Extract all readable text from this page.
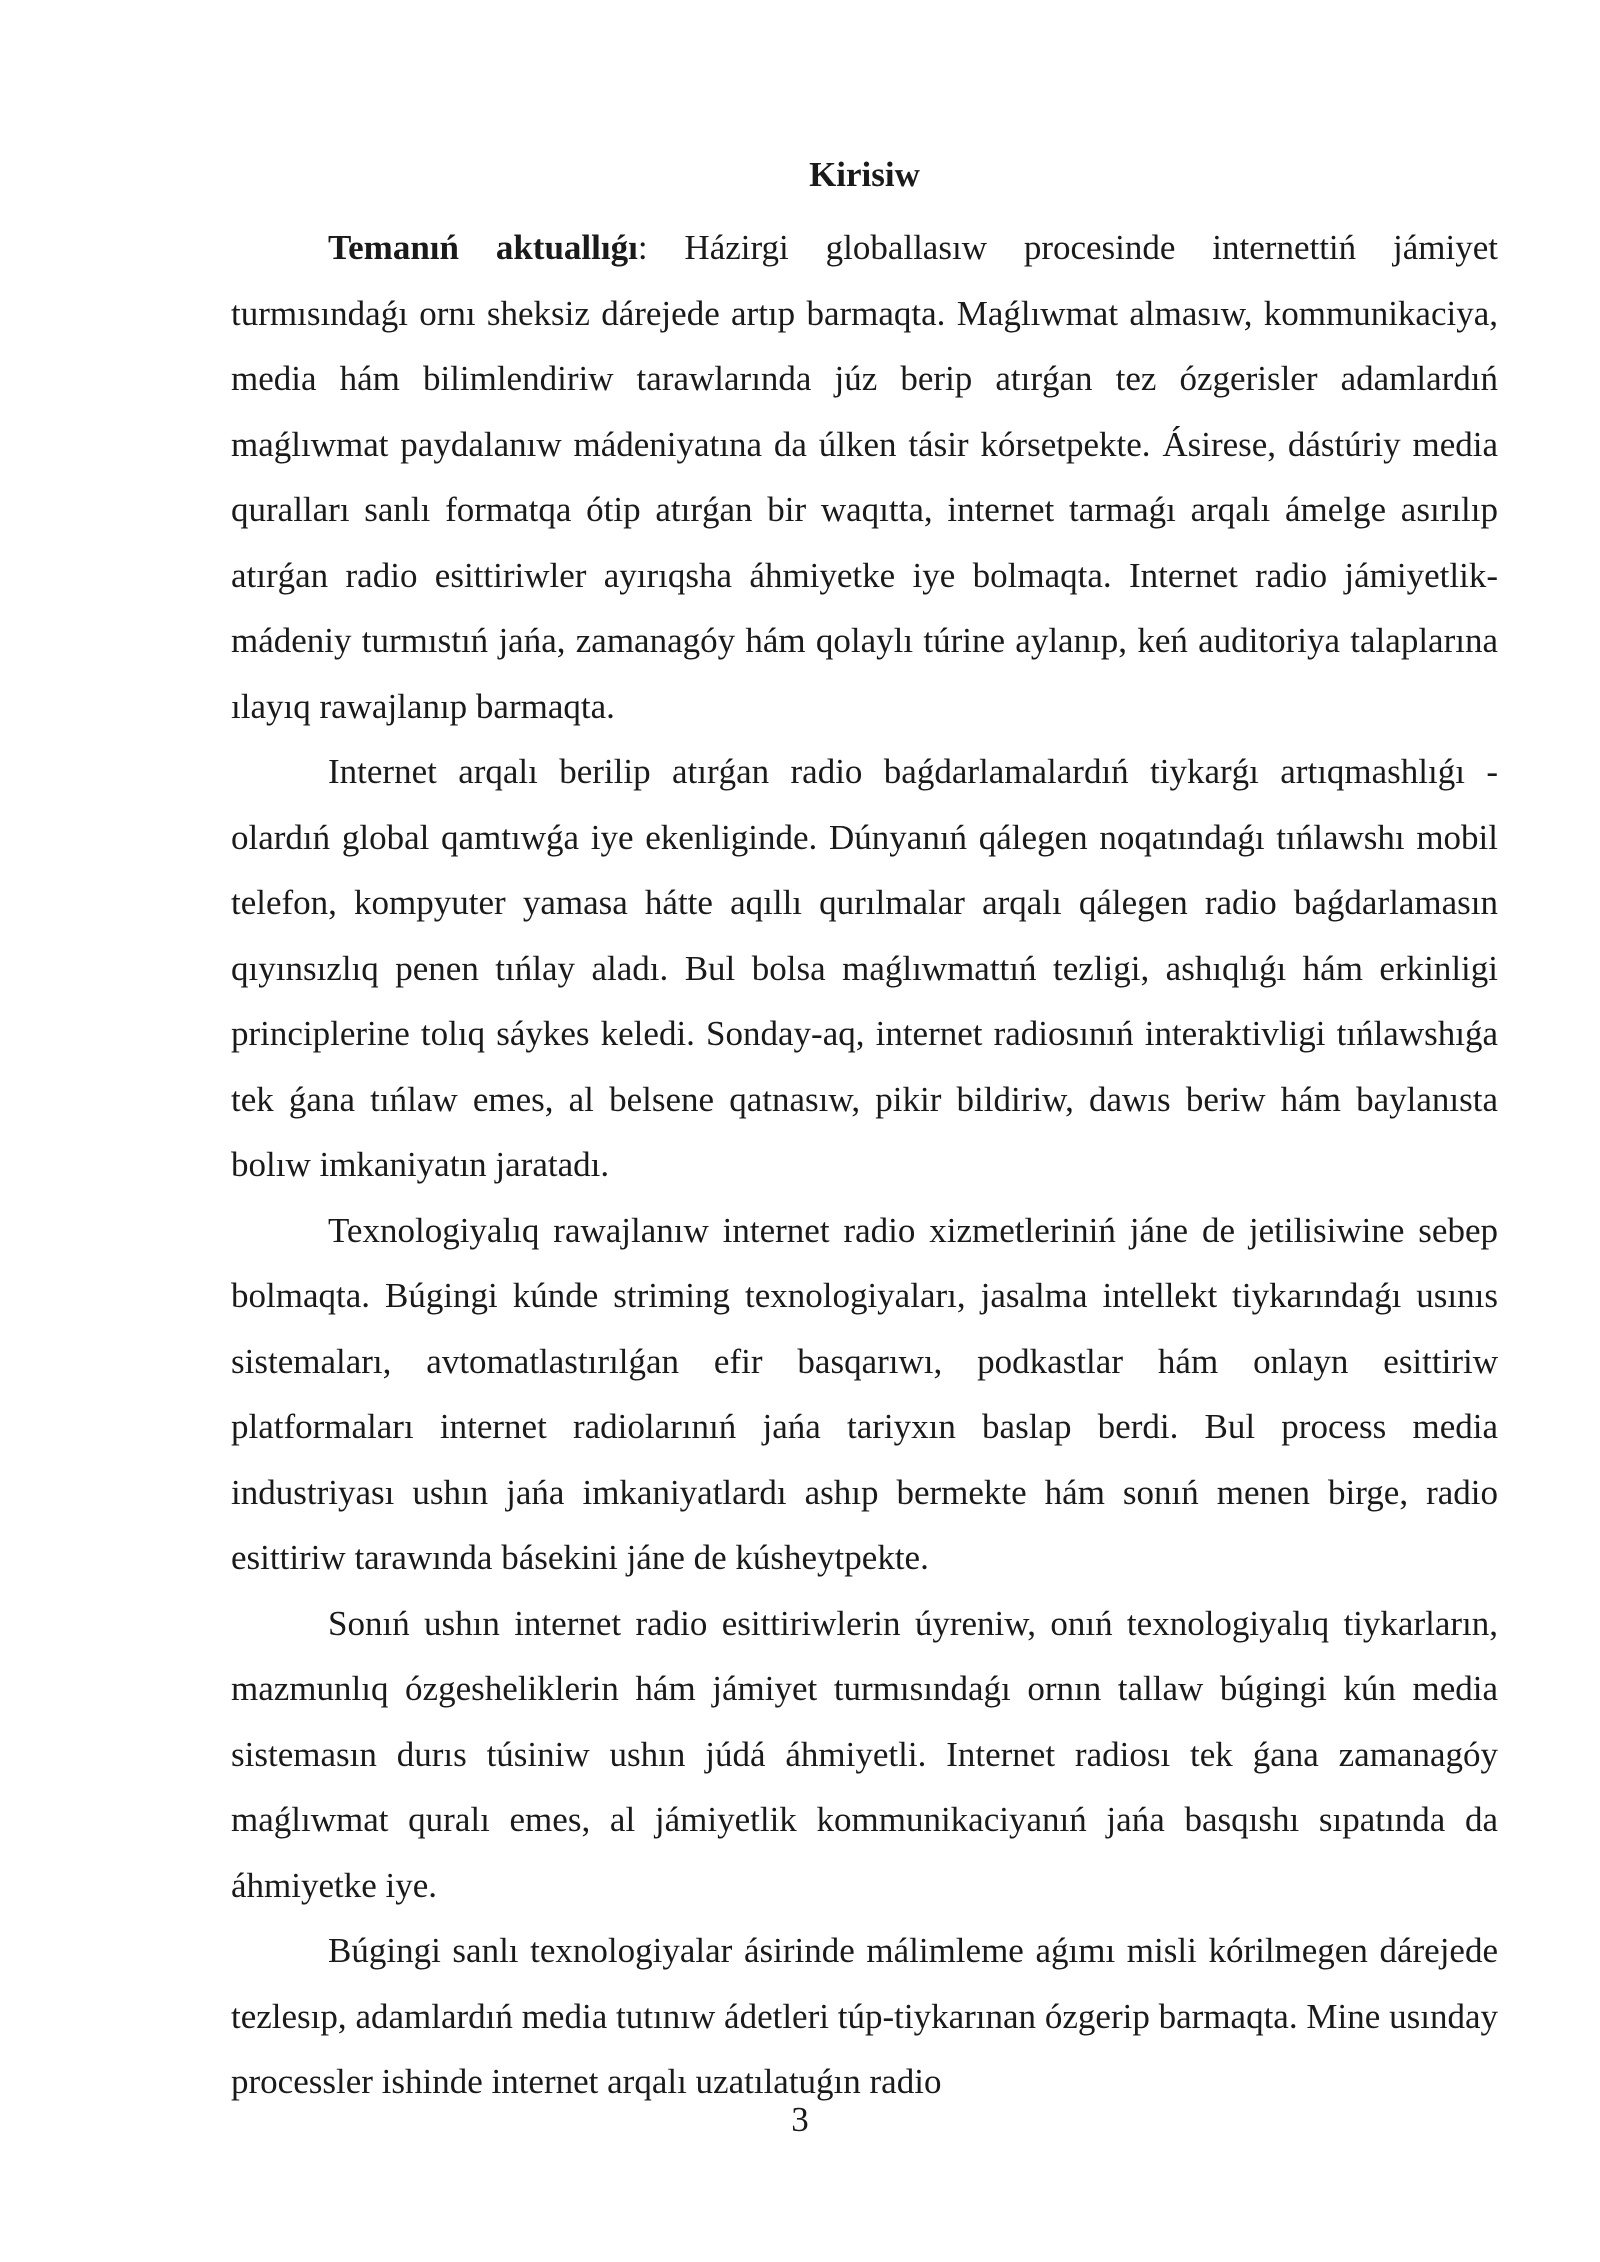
Kirisiw

Temanıń aktuallıǵı: Házirgi globallasıw procesinde internettiń jámiyet turmısındaǵı ornı sheksiz dárejede artıp barmaqta. Maǵlıwmat almasıw, kommunikaciya, media hám bilimlendiriw tarawlarında júz berip atırǵan tez ózgerisler adamlardıń maǵlıwmat paydalanıw mádeniyatına da úlken tásir kórsetpekte. Ásirese, dástúriy media quralları sanlı formatqa ótip atırǵan bir waqıtta, internet tarmaǵı arqalı ámelge asırılıp atırǵan radio esittiriwler ayırıqsha áhmiyetke iye bolmaqta. Internet radio jámiyetlik-mádeniy turmıstıń jańa, zamanagóy hám qolaylı túrine aylanıp, keń auditoriya talaplarına ılayıq rawajlanıp barmaqta.

Internet arqalı berilip atırǵan radio baǵdarlamalardıń tiykarǵı artıqmashlıǵı - olardıń global qamtıwǵa iye ekenliginde. Dúnyanıń qálegen noqatındaǵı tıńlawshı mobil telefon, kompyuter yamasa hátte aqıllı qurılmalar arqalı qálegen radio baǵdarlamasın qıyınsızlıq penen tıńlay aladı. Bul bolsa maǵlıwmattıń tezligi, ashıqlıǵı hám erkinligi principlerine tolıq sáykes keledi. Sonday-aq, internet radiosınıń interaktivligi tıńlawshıǵa tek ǵana tıńlaw emes, al belsene qatnasıw, pikir bildiriw, dawıs beriw hám baylanısta bolıw imkaniyatın jaratadı.

Texnologiyalıq rawajlanıw internet radio xizmetleriniń jáne de jetilisiwine sebep bolmaqta. Búgingi kúnde striming texnologiyaları, jasalma intellekt tiykarındaǵı usınıs sistemaları, avtomatlastırılǵan efir basqarıwı, podkastlar hám onlayn esittiriw platformaları internet radiolarınıń jańa tariyxın baslap berdi. Bul process media industriyası ushın jańa imkaniyatlardı ashıp bermekte hám sonıń menen birge, radio esittiriw tarawında básekini jáne de kúsheytpekte.

Sonıń ushın internet radio esittiriwlerin úyreniw, onıń texnologiyalıq tiykarların, mazmunlıq ózgesheliklerin hám jámiyet turmısındaǵı ornın tallaw búgingi kún media sistemasın durıs túsiniw ushın júdá áhmiyetli. Internet radiosı tek ǵana zamanagóy maǵlıwmat quralı emes, al jámiyetlik kommunikaciyanıń jańa basqıshı sıpatında da áhmiyetke iye.

Búgingi sanlı texnologiyalar ásirinde málimleme aǵımı misli kórilmegen dárejede tezlesıp, adamlardıń media tutınıw ádetleri túp-tiykarınan ózgerip barmaqta. Mine usınday processler ishinde internet arqalı uzatılatuǵın radio

3
